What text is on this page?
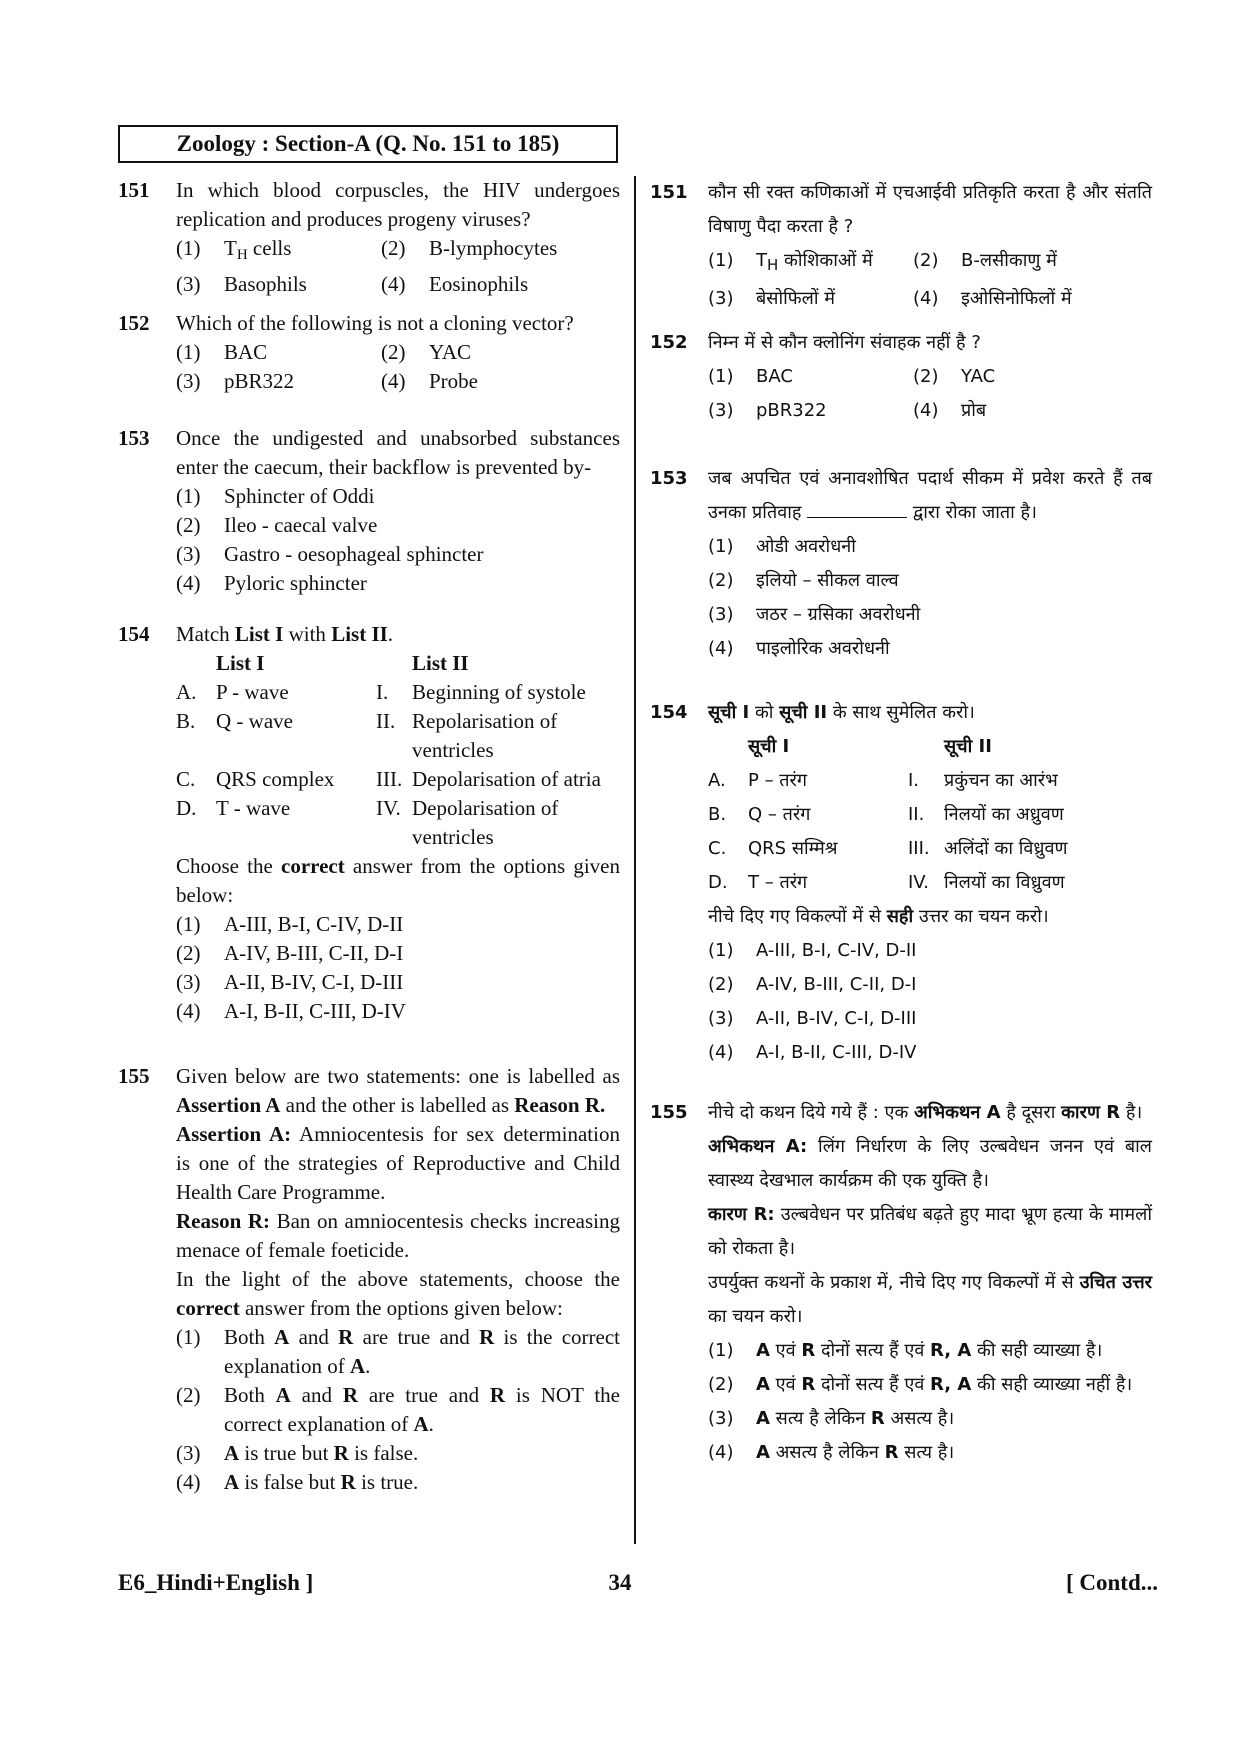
Zoology : Section-A (Q. No. 151 to 185)
151 In which blood corpuscles, the HIV undergoes replication and produces progeny viruses?
(1)	$T_H$ cells	(2)	B-lymphocytes
(3)	Basophils	(4)	Eosinophils
152 Which of the following is not a cloning vector?
(1)	BAC	(2)	YAC
(3)	pBR322	(4)	Probe
153 Once the undigested and unabsorbed substances enter the caecum, their backflow is prevented by-
(1)	Sphincter of Oddi
(2)	Ileo - caecal valve
(3)	Gastro - oesophageal sphincter
(4)	Pyloric sphincter
154 Match List I with List II.
List I	List II
A. P - wave	I.	Beginning of systole
B. Q - wave	II. Repolarisation of ventricles
C. QRS complex	III. Depolarisation of atria
D. T - wave	IV. Depolarisation of ventricles
Choose the correct answer from the options given below:
(1)	A-III, B-I, C-IV, D-II
(2)	A-IV, B-III, C-II, D-I
(3)	A-II, B-IV, C-I, D-III
(4)	A-I, B-II, C-III, D-IV
155 Given below are two statements: one is labelled as Assertion A and the other is labelled as Reason R.
Assertion A: Amniocentesis for sex determination is one of the strategies of Reproductive and Child Health Care Programme.
Reason R: Ban on amniocentesis checks increasing menace of female foeticide.
In the light of the above statements, choose the correct answer from the options given below:
(1)	Both A and R are true and R is the correct explanation of A.
(2)	Both A and R are true and R is NOT the correct explanation of A.
(3)	A is true but R is false.
(4)	A is false but R is true.
151 कौन सी रक्त कणिकाओं में एचआईवी प्रतिकृति करता है और संतति विषाणु पैदा करता है ?
(1)	$T_H$ कोशिकाओं में (2)	B-लसीकाणु में
(3)	बेसोफिलों में	(4)	इओसिनोफिलों में
152 निम्न में से कौन क्लोनिंग संवाहक नहीं है ?
(1)	BAC	(2)	YAC
(3)	pBR322	(4)	प्रोब
153 जब अपचित एवं अनावशोषित पदार्थ सीकम में प्रवेश करते हैं तब उनका प्रतिवाह	द्वारा रोका जाता है।
(1)	ओडी अवरोधनी
(2)	इलियो – सीकल वाल्व
(3)	जठर – ग्रसिका अवरोधनी
(4)	पाइलोरिक अवरोधनी
154 सूची I को सूची II के साथ सुमेलित करो।
सूची I	सूची II
A.	P – तरंग	I.	प्रकुंचन का आरंभ
B.	Q – तरंग	II.	निलयों का अध्रुवण
C.	QRS सम्मिश्र	III. अलिंदों का विध्रुवण
D.	T – तरंग	IV. निलयों का विध्रुवण
नीचे दिए गए विकल्पों में से सही उत्तर का चयन करो।
(1)	A-III, B-I, C-IV, D-II
(2)	A-IV, B-III, C-II, D-I
(3)	A-II, B-IV, C-I, D-III
(4)	A-I, B-II, C-III, D-IV
155 नीचे दो कथन दिये गये हैं : एक अभिकथन A है दूसरा कारण R है।
अभिकथन A: लिंग निर्धारण के लिए उल्बवेधन जनन एवं बाल स्वास्थ्य देखभाल कार्यक्रम की एक युक्ति है।
कारण R: उल्बवेधन पर प्रतिबंध बढ़ते हुए मादा भ्रूण हत्या के मामलों को रोकता है।
उपर्युक्त कथनों के प्रकाश में, नीचे दिए गए विकल्पों में से उचित उत्तर का चयन करो।
(1)	A एवं R दोनों सत्य हैं एवं R, A की सही व्याख्या है।
(2)	A एवं R दोनों सत्य हैं एवं R, A की सही व्याख्या नहीं है।
(3)	A सत्य है लेकिन R असत्य है।
(4)	A असत्य है लेकिन R सत्य है।
34
E6_Hindi+English ]	[ Contd...
